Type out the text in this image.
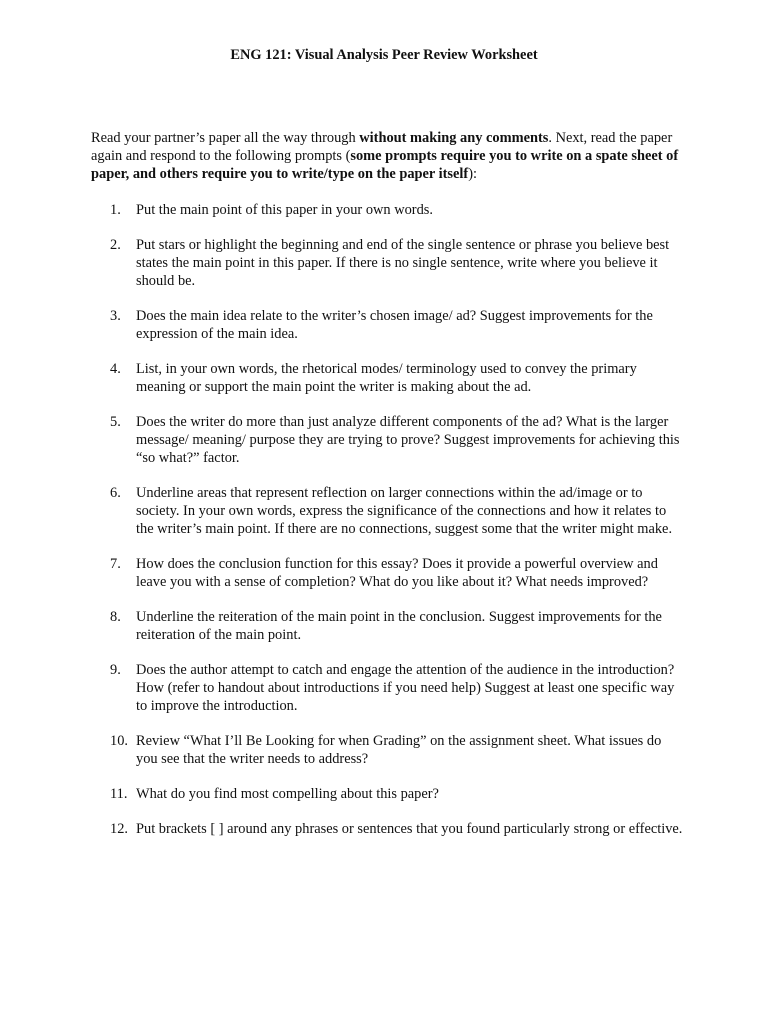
ENG 121: Visual Analysis Peer Review Worksheet

Read your partner’s paper all the way through without making any comments. Next, read the paper again and respond to the following prompts (some prompts require you to write on a spate sheet of paper, and others require you to write/type on the paper itself):

1.	Put the main point of this paper in your own words.
2.	Put stars or highlight the beginning and end of the single sentence or phrase you believe best states the main point in this paper. If there is no single sentence, write where you believe it should be.
3.	Does the main idea relate to the writer’s chosen image/ ad? Suggest improvements for the expression of the main idea.
4.	List, in your own words, the rhetorical modes/ terminology used to convey the primary meaning or support the main point the writer is making about the ad.
5.	Does the writer do more than just analyze different components of the ad? What is the larger message/ meaning/ purpose they are trying to prove? Suggest improvements for achieving this “so what?” factor.
6.	Underline areas that represent reflection on larger connections within the ad/image or to society. In your own words, express the significance of the connections and how it relates to the writer’s main point. If there are no connections, suggest some that the writer might make.
7.	How does the conclusion function for this essay? Does it provide a powerful overview and leave you with a sense of completion? What do you like about it? What needs improved?
8.	Underline the reiteration of the main point in the conclusion. Suggest improvements for the reiteration of the main point.
9.	Does the author attempt to catch and engage the attention of the audience in the introduction? How (refer to handout about introductions if you need help) Suggest at least one specific way to improve the introduction.
10. Review “What I’ll Be Looking for when Grading” on the assignment sheet. What issues do you see that the writer needs to address?
11. What do you find most compelling about this paper?
12. Put brackets [ ] around any phrases or sentences that you found particularly strong or effective.
